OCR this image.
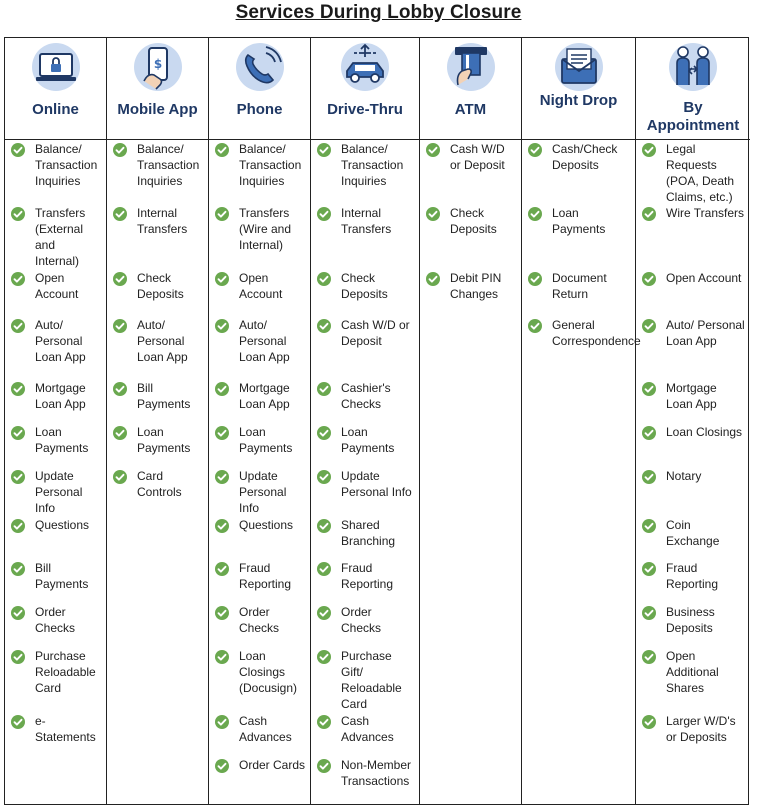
Services During Lobby Closure
Online
Balance/ Transaction Inquiries
Transfers (External and Internal)
Open Account
Auto/ Personal Loan App
Mortgage Loan App
Loan Payments
Update Personal Info
Questions
Bill Payments
Order Checks
Purchase Reloadable Card
e-Statements
$
Mobile App
Balance/ Transaction Inquiries
Internal Transfers
Check Deposits
Auto/ Personal Loan App
Bill Payments
Loan Payments
Card Controls
Phone
Balance/ Transaction Inquiries
Transfers (Wire and Internal)
Open Account
Auto/ Personal Loan App
Mortgage Loan App
Loan Payments
Update Personal Info
Questions
Fraud Reporting
Order Checks
Loan Closings (Docusign)
Cash Advances
Order Cards
Drive-Thru
Balance/ Transaction Inquiries
Internal Transfers
Check Deposits
Cash W/D or Deposit
Cashier's Checks
Loan Payments
Update Personal Info
Shared Branching
Fraud Reporting
Order Checks
Purchase Gift/ Reloadable Card
Cash Advances
Non-Member Transactions
ATM
Cash W/D or Deposit
Check Deposits
Debit PIN Changes
Night Drop
Cash/Check Deposits
Loan Payments
Document Return
General Correspondence
By Appointment
Legal Requests (POA, Death Claims, etc.)
Wire Transfers
Open Account
Auto/ Personal Loan App
Mortgage Loan App
Loan Closings
Notary
Coin Exchange
Fraud Reporting
Business Deposits
Open Additional Shares
Larger W/D's or Deposits
